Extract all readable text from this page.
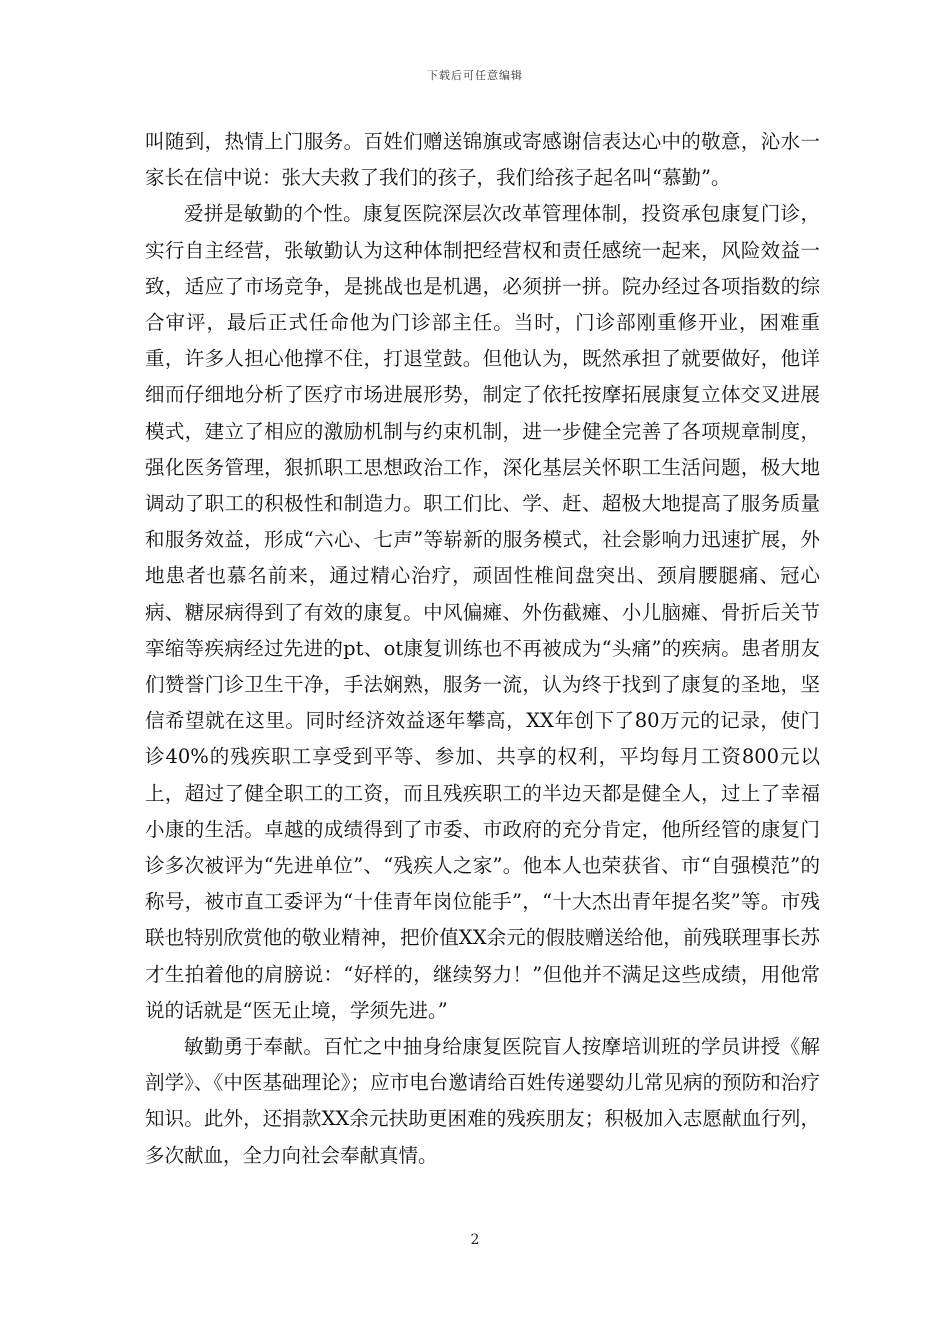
下载后可任意编辑

叫随到，热情上门服务。百姓们赠送锦旗或寄感谢信表达心中的敬意，沁水一家长在信中说：张大夫救了我们的孩子，我们给孩子起名叫“慕勤”。

爱拼是敏勤的个性。康复医院深层次改革管理体制，投资承包康复门诊，实行自主经营，张敏勤认为这种体制把经营权和责任感统一起来，风险效益一致，适应了市场竞争，是挑战也是机遇，必须拼一拼。院办经过各项指数的综合审评，最后正式任命他为门诊部主任。当时，门诊部刚重修开业，困难重重，许多人担心他撑不住，打退堂鼓。但他认为，既然承担了就要做好，他详细而仔细地分析了医疗市场进展形势，制定了依托按摩拓展康复立体交叉进展模式，建立了相应的激励机制与约束机制，进一步健全完善了各项规章制度，强化医务管理，狠抓职工思想政治工作，深化基层关怀职工生活问题，极大地调动了职工的积极性和制造力。职工们比、学、赶、超极大地提高了服务质量和服务效益，形成“六心、七声”等崭新的服务模式，社会影响力迅速扩展，外地患者也慕名前来，通过精心治疗，顽固性椎间盘突出、颈肩腰腿痛、冠心病、糖尿病得到了有效的康复。中风偏瘫、外伤截瘫、小儿脑瘫、骨折后关节挛缩等疾病经过先进的pt、ot康复训练也不再被成为“头痛”的疾病。患者朋友们赞誉门诊卫生干净，手法娴熟，服务一流，认为终于找到了康复的圣地，坚信希望就在这里。同时经济效益逐年攀高，XX年创下了80万元的记录，使门诊40%的残疾职工享受到平等、参加、共享的权利，平均每月工资800元以上，超过了健全职工的工资，而且残疾职工的半边天都是健全人，过上了幸福小康的生活。卓越的成绩得到了市委、市政府的充分肯定，他所经管的康复门诊多次被评为“先进单位”、“残疾人之家”。他本人也荣获省、市“自强模范”的称号，被市直工委评为“十佳青年岗位能手”，“十大杰出青年提名奖”等。市残联也特别欣赏他的敬业精神，把价值XX余元的假肢赠送给他，前残联理事长苏才生拍着他的肩膀说：“好样的，继续努力！”但他并不满足这些成绩，用他常说的话就是“医无止境，学须先进。”

敏勤勇于奉献。百忙之中抽身给康复医院盲人按摩培训班的学员讲授《解剖学》、《中医基础理论》；应市电台邀请给百姓传递婴幼儿常见病的预防和治疗知识。此外，还捐款XX余元扶助更困难的残疾朋友；积极加入志愿献血行列，多次献血，全力向社会奉献真情。

2
